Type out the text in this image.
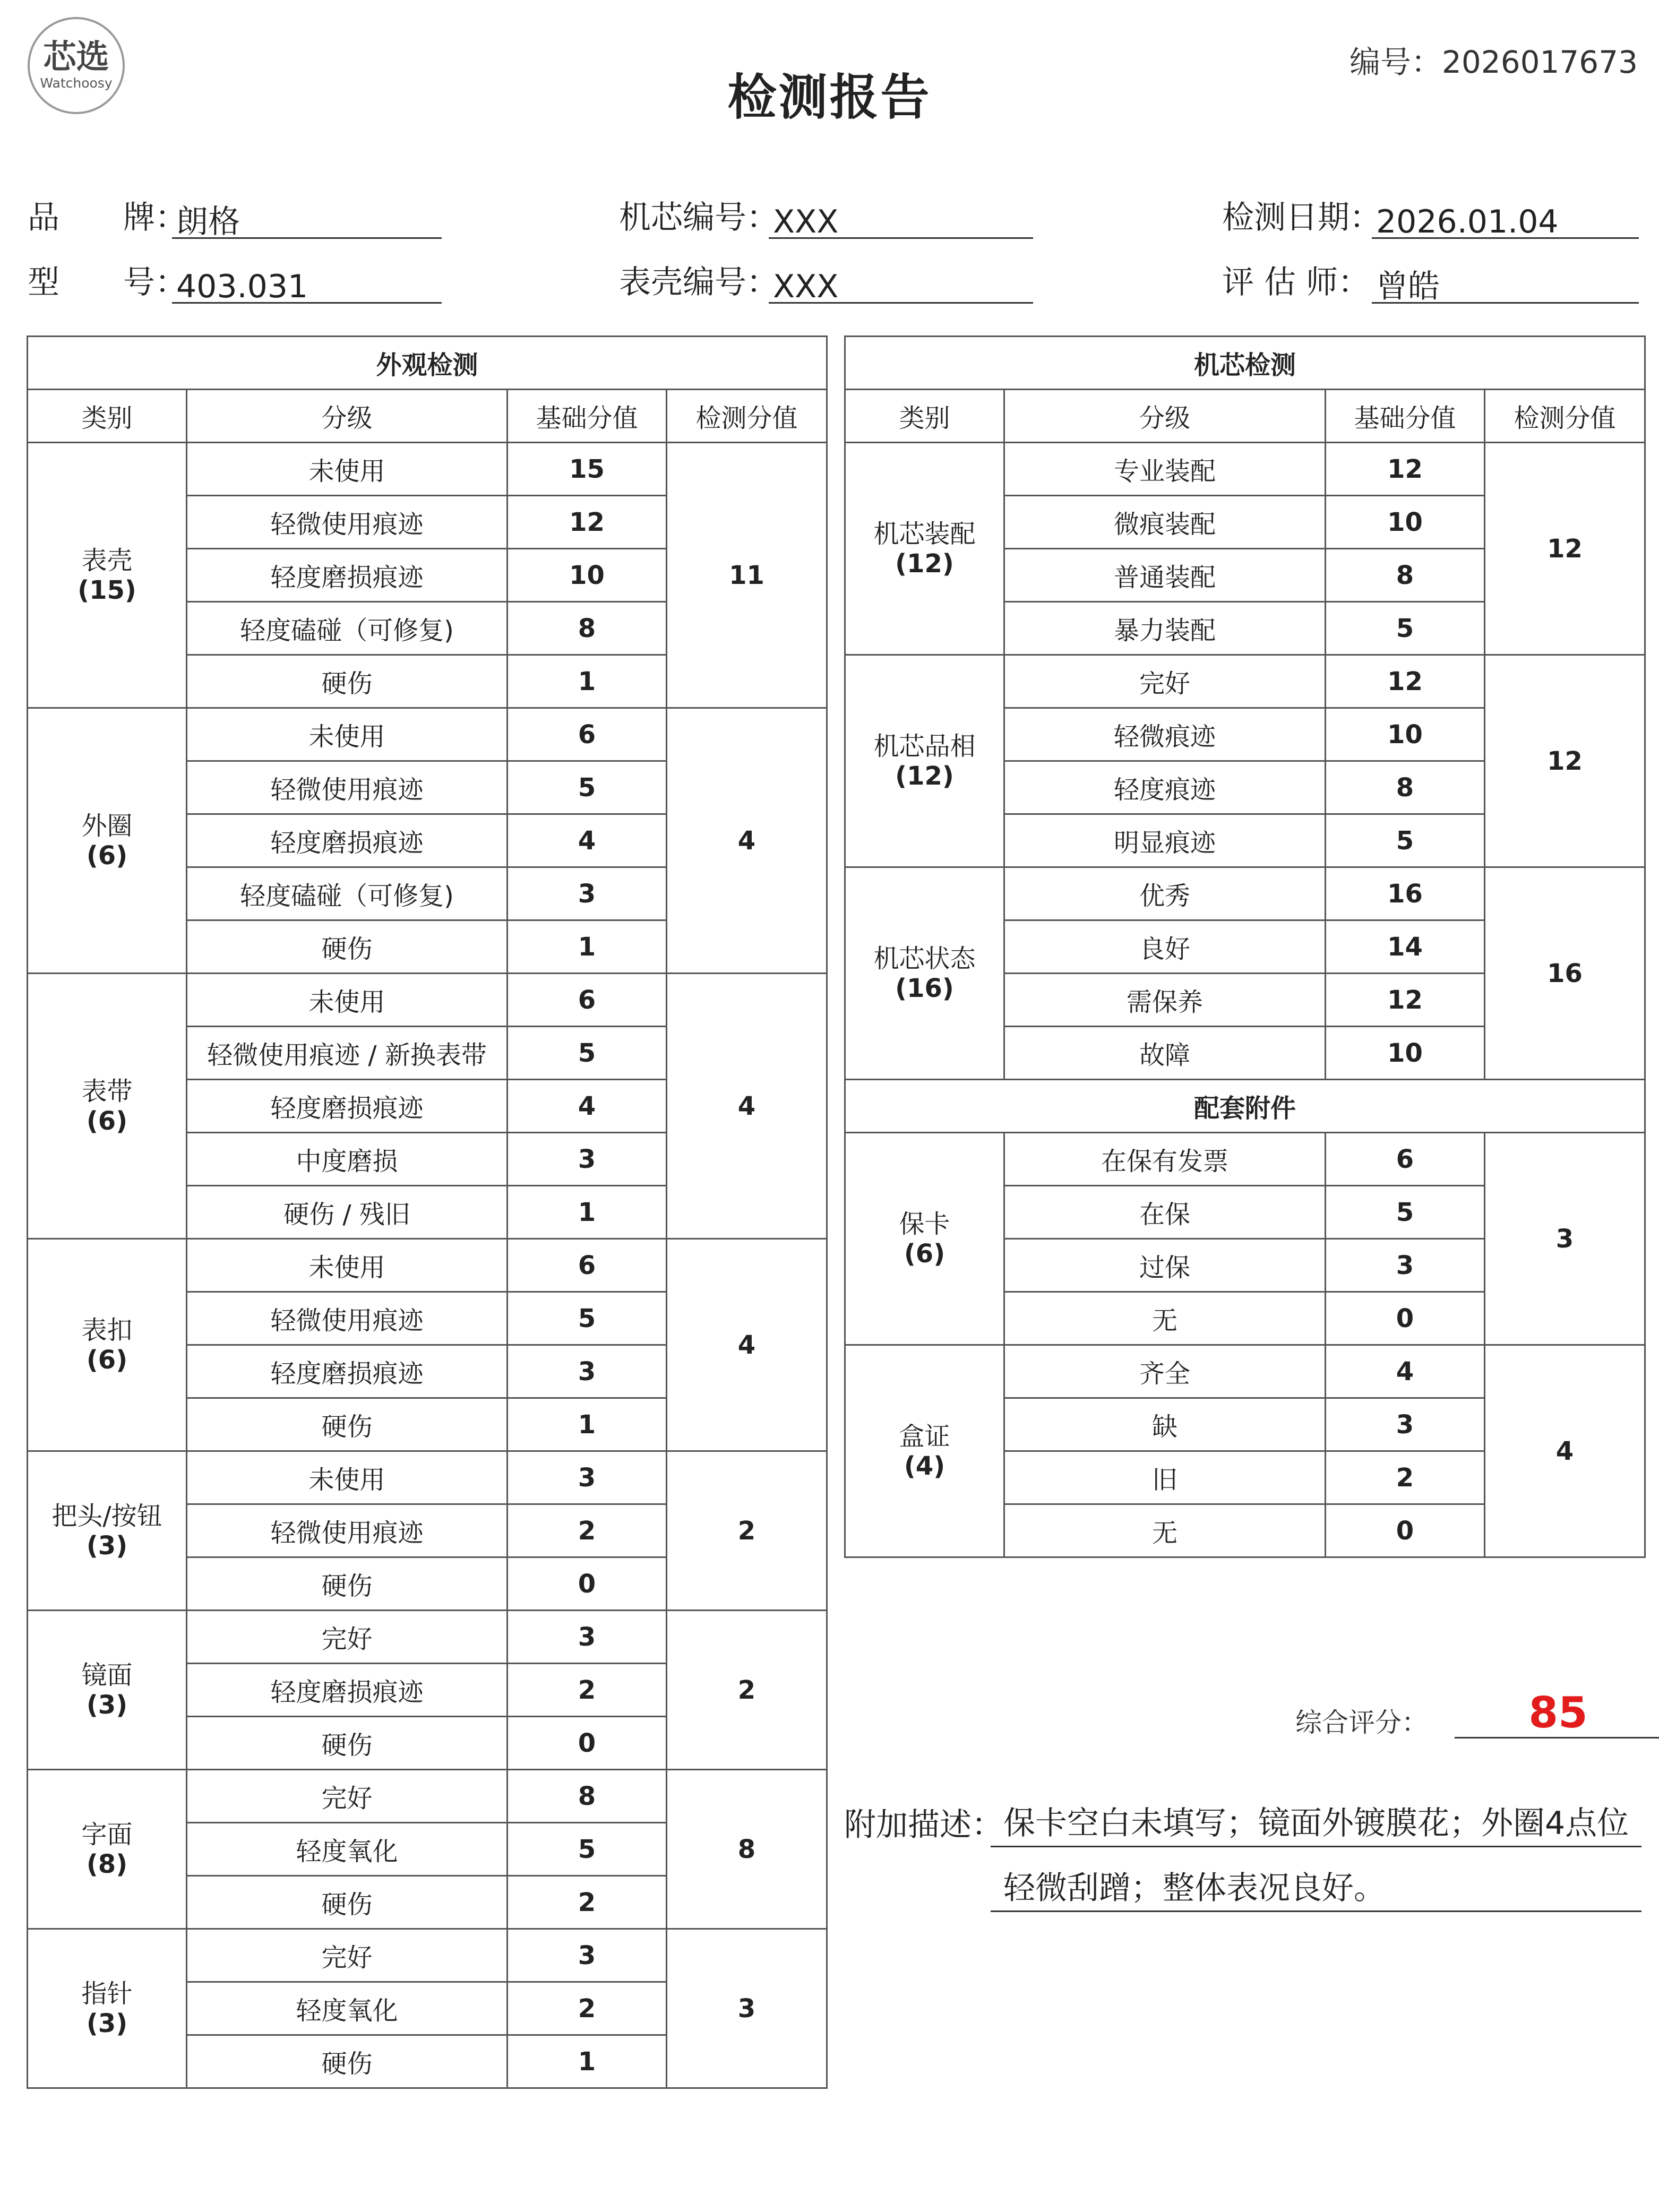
芯选
Watchoosy	检测报告
编号：2026017673
品　　牌：
朗格
型　　号：
403.031
机芯编号：
XXX
表壳编号：
XXX
检测日期：
2026.01.04
评 估 师： 曾皓
外观检测			
类别	分级	基础分值	检测分值
表壳
(15)	未使用	15	11
	轻微使用痕迹	12	
	轻度磨损痕迹	10	
	轻度磕碰（可修复)	8	
	硬伤	1	
外圈
(6)	未使用	6	4
	轻微使用痕迹	5	
	轻度磨损痕迹	4	
	轻度磕碰（可修复)	3	
	硬伤	1	
表带
(6)	未使用	6	4
	轻微使用痕迹 / 新换表带	5	
	轻度磨损痕迹	4	
	中度磨损	3	
	硬伤 / 残旧	1	
表扣
(6)	未使用	6	4
	轻微使用痕迹	5	
	轻度磨损痕迹	3	
	硬伤	1	
把头/按钮
(3)	未使用	3	2
	轻微使用痕迹	2	
	硬伤	0	
镜面
(3)	完好	3	2
	轻度磨损痕迹	2	
	硬伤	0	
字面
(8)	完好	8	8
	轻度氧化	5	
	硬伤	2	
指针
(3)	完好	3	3
	轻度氧化	2	
	硬伤	1	
机芯检测			
类别	分级	基础分值	检测分值
机芯装配
(12)	专业装配	12	12
	微痕装配	10	
	普通装配	8	
	暴力装配	5	
机芯品相
(12)	完好	12	12
	轻微痕迹	10	
	轻度痕迹	8	
	明显痕迹	5	
机芯状态
(16)	优秀	16	16
	良好	14	
	需保养	12	
	故障	10	
配套附件			
保卡
(6)	在保有发票	6	3
	在保	5	
	过保	3	
	无	0	
盒证
(4)	齐全	4	4
	缺	3	
	旧	2	
	无	0	
综合评分：	85
附加描述： 保卡空白未填写；镜面外镀膜花；外圈4点位
轻微刮蹭；整体表况良好。
